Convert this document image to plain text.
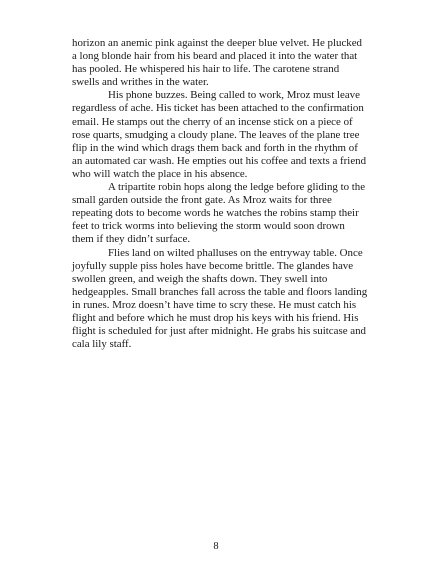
horizon an anemic pink against the deeper blue velvet. He plucked a long blonde hair from his beard and placed it into the water that has pooled. He whispered his hair to life. The carotene strand swells and writhes in the water.

His phone buzzes. Being called to work, Mroz must leave regardless of ache. His ticket has been attached to the confirmation email. He stamps out the cherry of an incense stick on a piece of rose quarts, smudging a cloudy plane. The leaves of the plane tree flip in the wind which drags them back and forth in the rhythm of an automated car wash. He empties out his coffee and texts a friend who will watch the place in his absence.

A tripartite robin hops along the ledge before gliding to the small garden outside the front gate. As Mroz waits for three repeating dots to become words he watches the robins stamp their feet to trick worms into believing the storm would soon drown them if they didn’t surface.

Flies land on wilted phalluses on the entryway table. Once joyfully supple piss holes have become brittle. The glandes have swollen green, and weigh the shafts down. They swell into hedgeapples. Small branches fall across the table and floors landing in runes. Mroz doesn’t have time to scry these. He must catch his flight and before which he must drop his keys with his friend. His flight is scheduled for just after midnight. He grabs his suitcase and cala lily staff.

8
